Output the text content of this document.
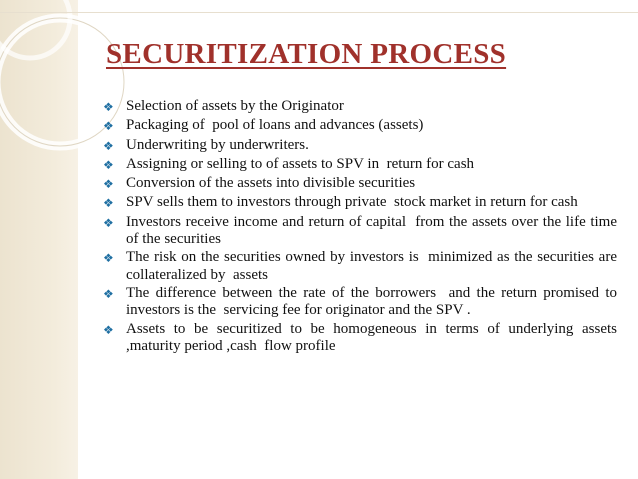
SECURITIZATION PROCESS
❖ Selection of assets by the Originator
❖ Packaging of  pool of loans and advances (assets)
❖ Underwriting by underwriters.
❖ Assigning or selling to of assets to SPV in  return for cash
❖ Conversion of the assets into divisible securities
❖ SPV sells them to investors through private  stock market in return for cash
❖ Investors receive income and return of capital  from the assets over the life time of the securities
❖ The risk on the securities owned by investors is  minimized as the securities are collateralized by  assets
❖ The difference between the rate of the borrowers  and the return promised to investors is the  servicing fee for originator and the SPV .
❖ Assets to be securitized to be homogeneous in terms of underlying assets ,maturity period ,cash  flow profile
